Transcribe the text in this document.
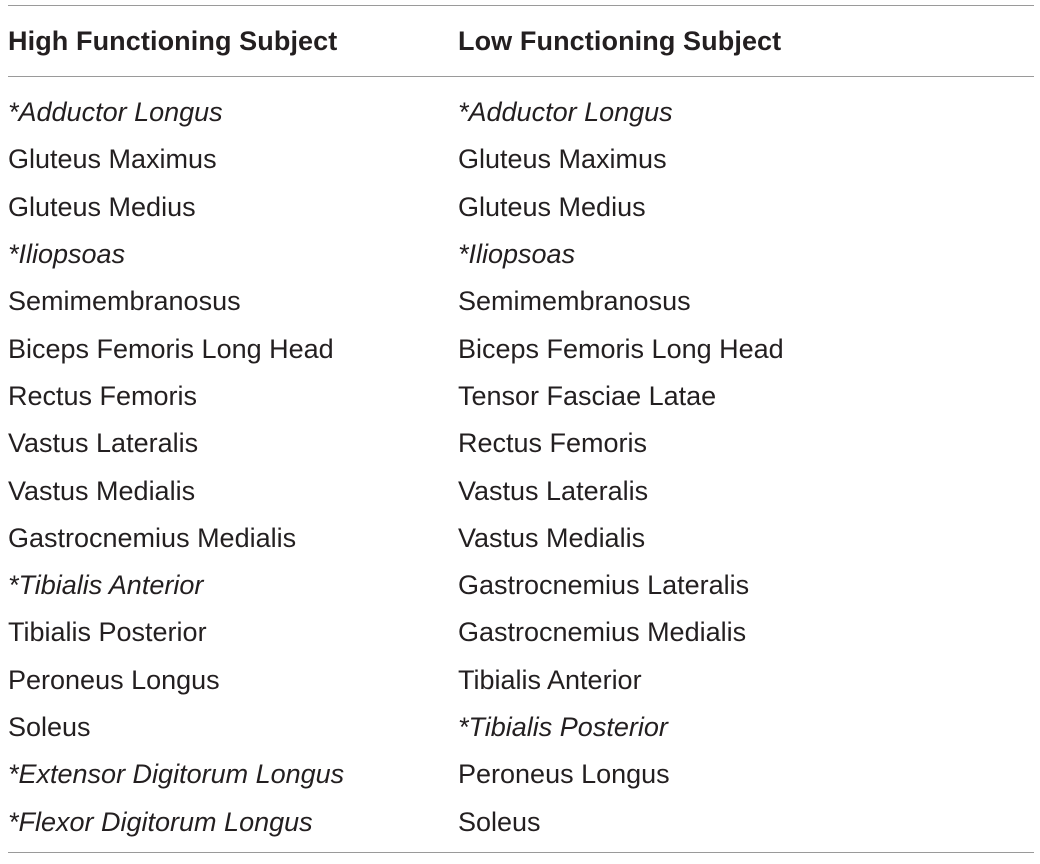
High Functioning Subject	Low Functioning Subject
*Adductor Longus	*Adductor Longus
Gluteus Maximus	Gluteus Maximus
Gluteus Medius	Gluteus Medius
*Iliopsoas	*Iliopsoas
Semimembranosus	Semimembranosus
Biceps Femoris Long Head	Biceps Femoris Long Head
Rectus Femoris	Tensor Fasciae Latae
Vastus Lateralis	Rectus Femoris
Vastus Medialis	Vastus Lateralis
Gastrocnemius Medialis	Vastus Medialis
*Tibialis Anterior	Gastrocnemius Lateralis
Tibialis Posterior	Gastrocnemius Medialis
Peroneus Longus	Tibialis Anterior
Soleus	*Tibialis Posterior
*Extensor Digitorum Longus	Peroneus Longus
*Flexor Digitorum Longus	Soleus
